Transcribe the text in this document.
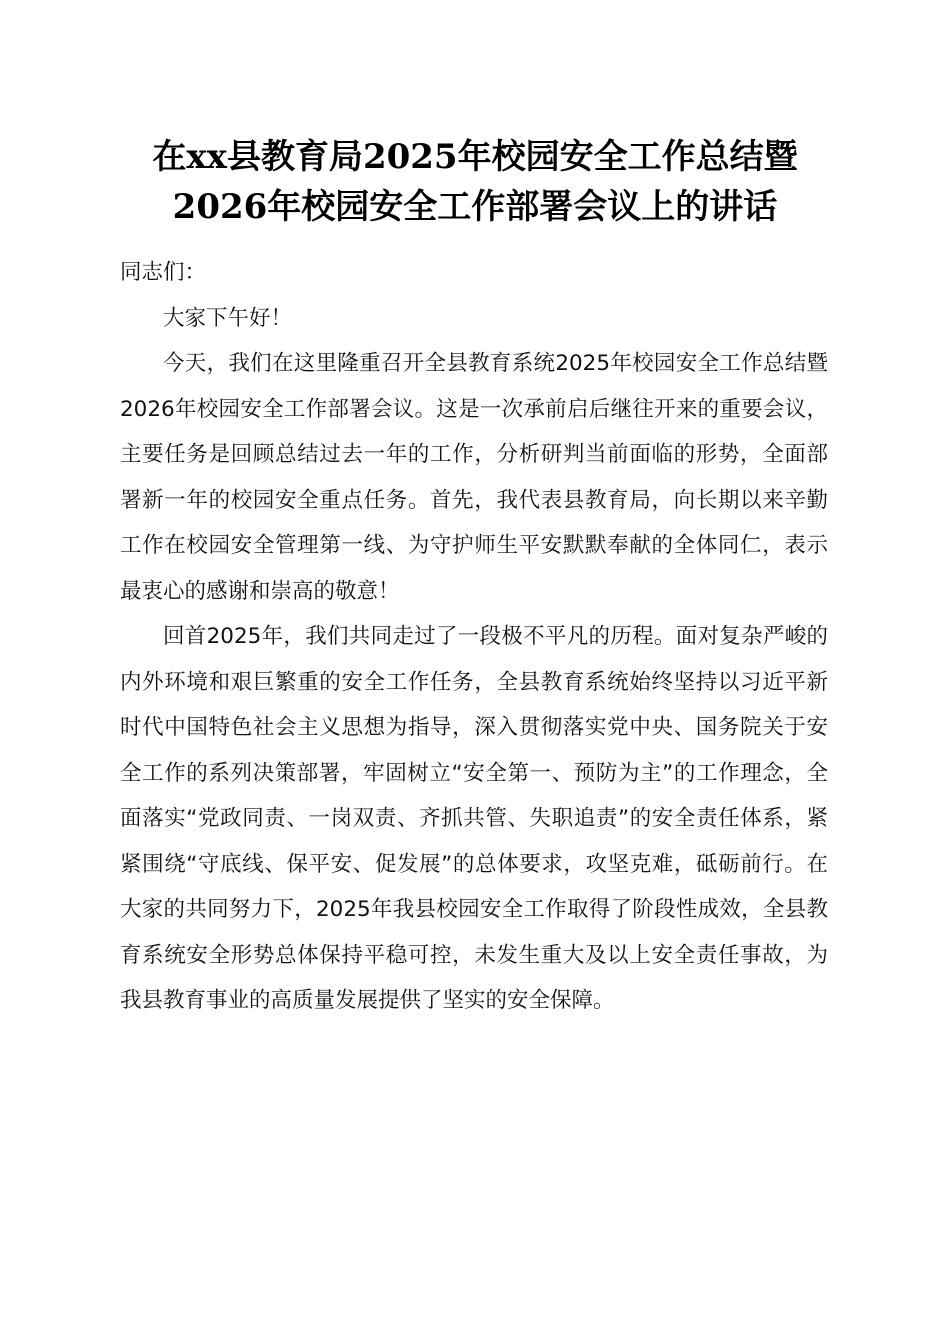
在xx县教育局2025年校园安全工作总结暨
2026年校园安全工作部署会议上的讲话

同志们：

大家下午好！

今天，我们在这里隆重召开全县教育系统2025年校园安全工作总结暨2026年校园安全工作部署会议。这是一次承前启后继往开来的重要会议，主要任务是回顾总结过去一年的工作，分析研判当前面临的形势，全面部署新一年的校园安全重点任务。首先，我代表县教育局，向长期以来辛勤工作在校园安全管理第一线、为守护师生平安默默奉献的全体同仁，表示最衷心的感谢和崇高的敬意！

回首2025年，我们共同走过了一段极不平凡的历程。面对复杂严峻的内外环境和艰巨繁重的安全工作任务，全县教育系统始终坚持以习近平新时代中国特色社会主义思想为指导，深入贯彻落实党中央、国务院关于安全工作的系列决策部署，牢固树立“安全第一、预防为主”的工作理念，全面落实“党政同责、一岗双责、齐抓共管、失职追责”的安全责任体系，紧紧围绕“守底线、保平安、促发展”的总体要求，攻坚克难，砥砺前行。在大家的共同努力下，2025年我县校园安全工作取得了阶段性成效，全县教育系统安全形势总体保持平稳可控，未发生重大及以上安全责任事故，为我县教育事业的高质量发展提供了坚实的安全保障。
